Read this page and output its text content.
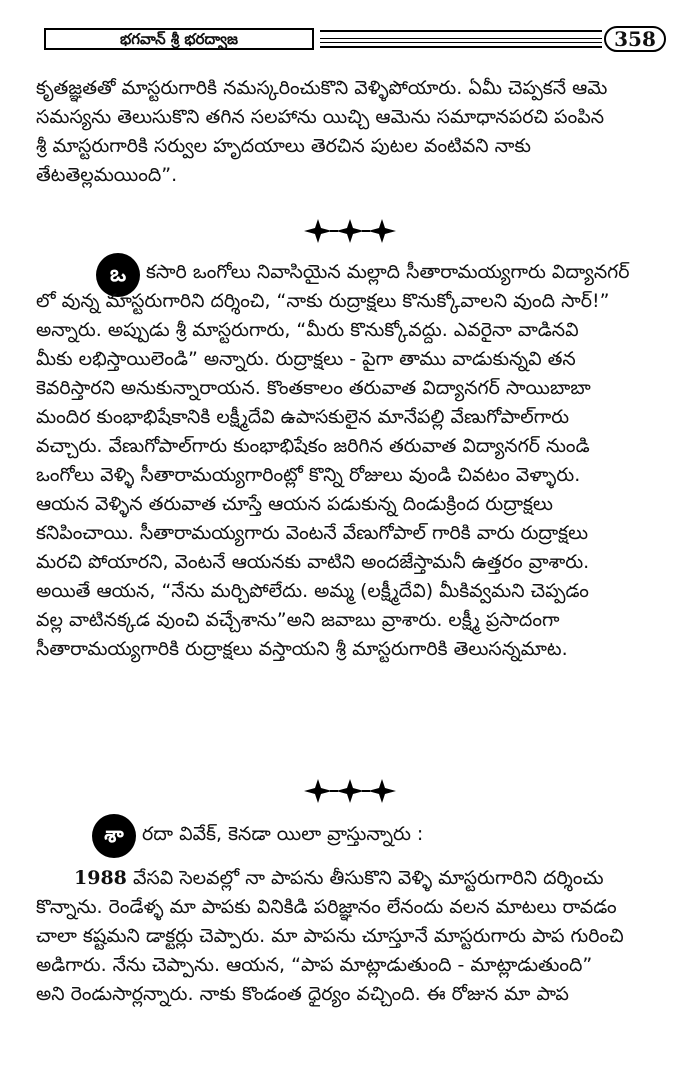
భగవాన్ శ్రీ భరద్వాజ	358
కృతజ్ఞతతో మాస్టరుగారికి నమస్కరించుకొని వెళ్ళిపోయారు. ఏమీ చెప్పకనే ఆమె
సమస్యను తెలుసుకొని తగిన సలహాను యిచ్చి ఆమెను సమాధానపరచి పంపిన
శ్రీ మాస్టరుగారికి సర్వుల హృదయాలు తెరచిన పుటల వంటివని నాకు
తేటతెల్లమయింది”.
ఒ	కసారి ఒంగోలు నివాసియైన మల్లాది సీతారామయ్యగారు విద్యానగర్
లో వున్న మాస్టరుగారిని దర్శించి, “నాకు రుద్రాక్షలు కొనుక్కోవాలని వుంది సార్!”
అన్నారు. అప్పుడు శ్రీ మాస్టరుగారు, “మీరు కొనుక్కోవద్దు. ఎవరైనా వాడినవి
మీకు లభిస్తాయిలెండి” అన్నారు. రుద్రాక్షలు - పైగా తాము వాడుకున్నవి తన
కెవరిస్తారని అనుకున్నారాయన. కొంతకాలం తరువాత విద్యానగర్ సాయిబాబా
మందిర కుంభాభిషేకానికి లక్ష్మీదేవి ఉపాసకులైన మానేపల్లి వేణుగోపాల్‌గారు
వచ్చారు. వేణుగోపాల్‌గారు కుంభాభిషేకం జరిగిన తరువాత విద్యానగర్ నుండి
ఒంగోలు వెళ్ళి సీతారామయ్యగారింట్లో కొన్ని రోజులు వుండి చివటం వెళ్ళారు.
ఆయన వెళ్ళిన తరువాత చూస్తే ఆయన పడుకున్న దిండుక్రింద రుద్రాక్షలు
కనిపించాయి. సీతారామయ్యగారు వెంటనే వేణుగోపాల్ గారికి వారు రుద్రాక్షలు
మరచి పోయారని, వెంటనే ఆయనకు వాటిని అందజేస్తామనీ ఉత్తరం వ్రాశారు.
అయితే ఆయన, “నేను మర్చిపోలేదు. అమ్మ (లక్ష్మీదేవి) మీకివ్వమని చెప్పడం
వల్ల వాటినక్కడ వుంచి వచ్చేశాను”అని జవాబు వ్రాశారు. లక్ష్మీ ప్రసాదంగా
సీతారామయ్యగారికి రుద్రాక్షలు వస్తాయని శ్రీ మాస్టరుగారికి తెలుసన్నమాట.
శా రదా వివేక్, కెనడా యిలా వ్రాస్తున్నారు :
1988 వేసవి సెలవల్లో నా పాపను తీసుకొని వెళ్ళి మాస్టరుగారిని దర్శించు
కొన్నాను. రెండేళ్ళ మా పాపకు వినికిడి పరిజ్ఞానం లేనందు వలన మాటలు రావడం
చాలా కష్టమని డాక్టర్లు చెప్పారు. మా పాపను చూస్తూనే మాస్టరుగారు పాప గురించి
అడిగారు. నేను చెప్పాను. ఆయన, “పాప మాట్లాడుతుంది - మాట్లాడుతుంది”
అని రెండుసార్లన్నారు. నాకు కొండంత ధైర్యం వచ్చింది. ఈ రోజున మా పాప
